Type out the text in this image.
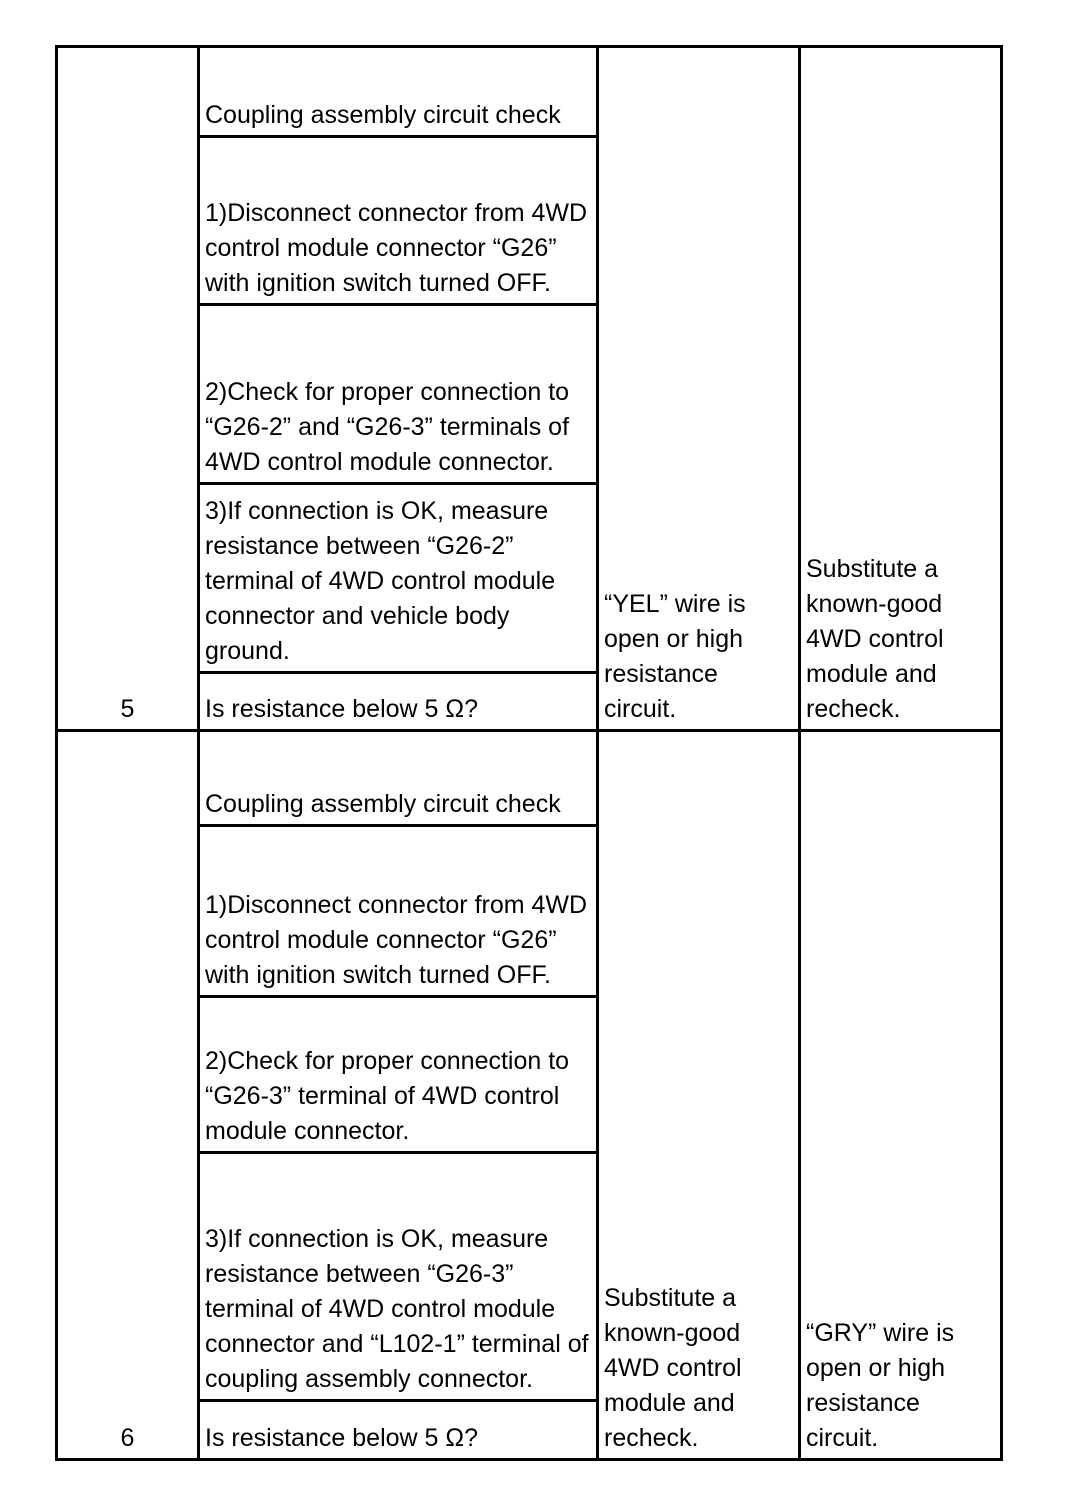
5	Coupling assembly circuit check	“YEL” wire is open or high resistance circuit.	Substitute a known-good 4WD control module and recheck.
	1)Disconnect connector from 4WD control module connector “G26” with ignition switch turned OFF.		
	2)Check for proper connection to “G26-2” and “G26-3” terminals of 4WD control module connector.		
	3)If connection is OK, measure resistance between “G26-2” terminal of 4WD control module connector and vehicle body ground.		
	Is resistance below 5 Ω?		
6	Coupling assembly circuit check	Substitute a known-good 4WD control module and recheck.	“GRY” wire is open or high resistance circuit.
	1)Disconnect connector from 4WD control module connector “G26” with ignition switch turned OFF.		
	2)Check for proper connection to “G26-3” terminal of 4WD control module connector.		
	3)If connection is OK, measure resistance between “G26-3” terminal of 4WD control module connector and “L102-1” terminal of coupling assembly connector.		
	Is resistance below 5 Ω?		
